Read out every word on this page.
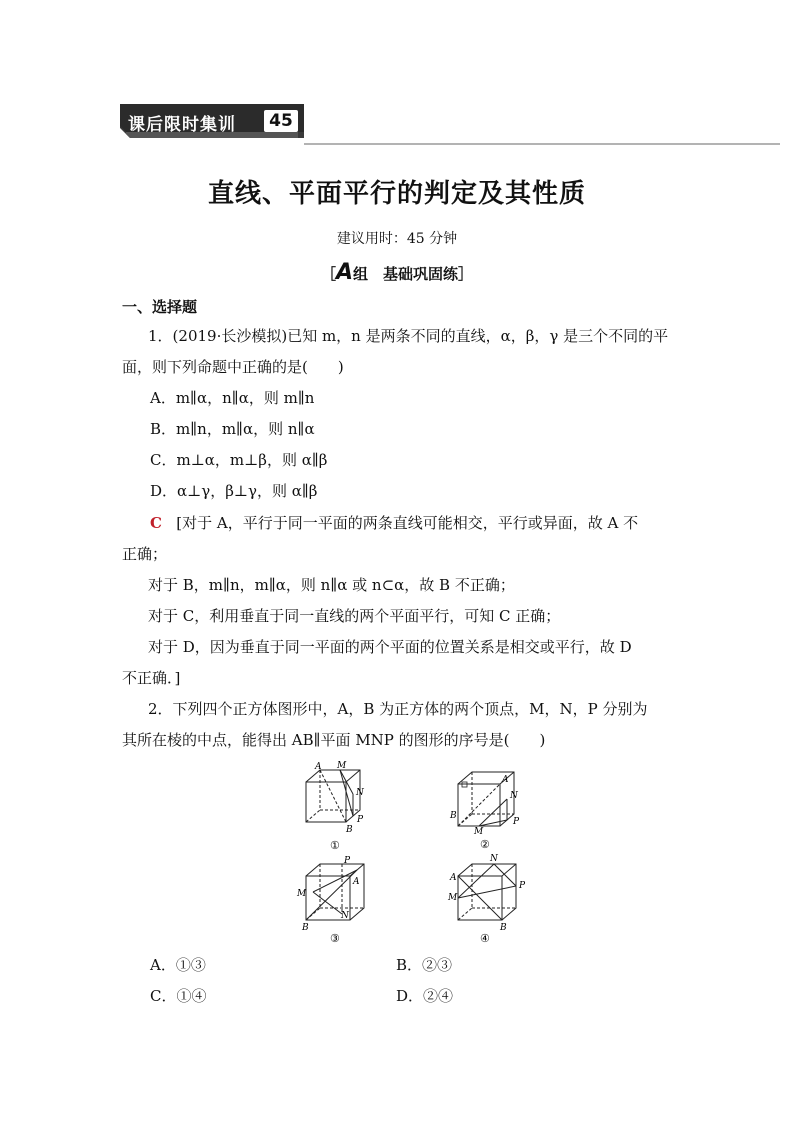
课后限时集训	45
直线、平面平行的判定及其性质
建议用时：45 分钟
［A组　基础巩固练］
一、选择题
1．(2019·长沙模拟)已知 m，n 是两条不同的直线，α，β，γ 是三个不同的平
面，则下列命题中正确的是(　　)
A．m∥α，n∥α，则 m∥n
B．m∥n，m∥α，则 n∥α
C．m⊥α，m⊥β，则 α∥β
D．α⊥γ，β⊥γ，则 α∥β
C [对于 A，平行于同一平面的两条直线可能相交，平行或异面，故 A 不
正确；
对于 B，m∥n，m∥α，则 n∥α 或 n⊂α，故 B 不正确；
对于 C，利用垂直于同一直线的两个平面平行，可知 C 正确；
对于 D，因为垂直于同一平面的两个平面的位置关系是相交或平行，故 D
不正确．]
2．下列四个正方体图形中，A，B 为正方体的两个顶点，M，N，P 分别为
其所在棱的中点，能得出 AB∥平面 MNP 的图形的序号是(　　)
A M
N
P
B
①
A
B
N
P
M
②
P
A
M
N
B
③
N
A
P
M
B
④
A．①③	B．②③
C．①④	D．②④
